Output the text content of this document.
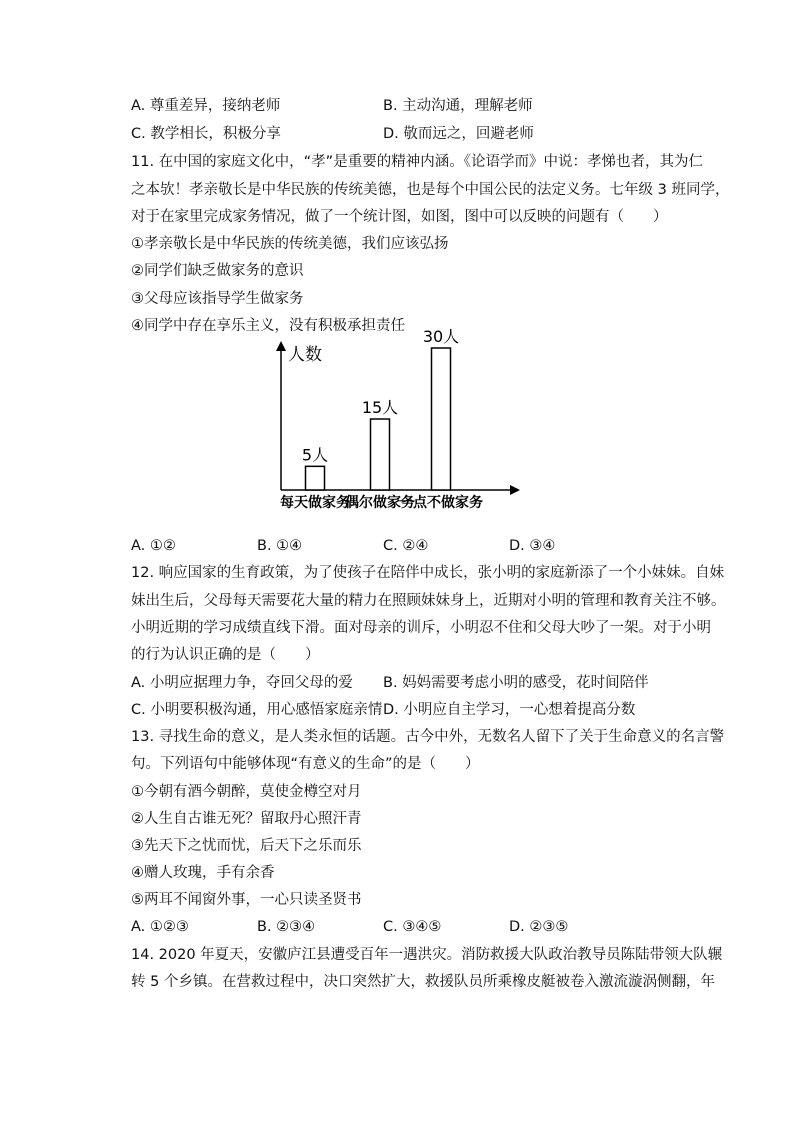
A. 尊重差异，接纳老师	B. 主动沟通，理解老师
C. 教学相长，积极分享	D. 敬而远之，回避老师
11. 在中国的家庭文化中，“孝”是重要的精神内涵。《论语学而》中说：孝悌也者，其为仁
之本欤！孝亲敬长是中华民族的传统美德，也是每个中国公民的法定义务。七年级 3 班同学，
对于在家里完成家务情况，做了一个统计图，如图，图中可以反映的问题有（　　）
①孝亲敬长是中华民族的传统美德，我们应该弘扬
②同学们缺乏做家务的意识
③父母应该指导学生做家务
④同学中存在享乐主义，没有积极承担责任
人数
5人
每天做家务
15人
偶尔做家务
30人
一点不做家务
A. ①②	B. ①④	C. ②④	D. ③④
12. 响应国家的生育政策，为了使孩子在陪伴中成长，张小明的家庭新添了一个小妹妹。自妹
妹出生后，父母每天需要花大量的精力在照顾妹妹身上，近期对小明的管理和教育关注不够。
小明近期的学习成绩直线下滑。面对母亲的训斥，小明忍不住和父母大吵了一架。对于小明
的行为认识正确的是（　　）
A. 小明应据理力争，夺回父母的爱 B. 妈妈需要考虑小明的感受，花时间陪伴
C. 小明要积极沟通，用心感悟家庭亲情 D. 小明应自主学习，一心想着提高分数
13. 寻找生命的意义，是人类永恒的话题。古今中外，无数名人留下了关于生命意义的名言警
句。下列语句中能够体现“有意义的生命”的是（　　）
①今朝有酒今朝醉，莫使金樽空对月
②人生自古谁无死？留取丹心照汗青
③先天下之忧而忧，后天下之乐而乐
④赠人玫瑰，手有余香
⑤两耳不闻窗外事，一心只读圣贤书
A. ①②③	B. ②③④	C. ③④⑤	D. ②③⑤
14. 2020 年夏天，安徽庐江县遭受百年一遇洪灾。消防救援大队政治教导员陈陆带领大队辗
转 5 个乡镇。在营救过程中，决口突然扩大，救援队员所乘橡皮艇被卷入激流漩涡侧翻，年
